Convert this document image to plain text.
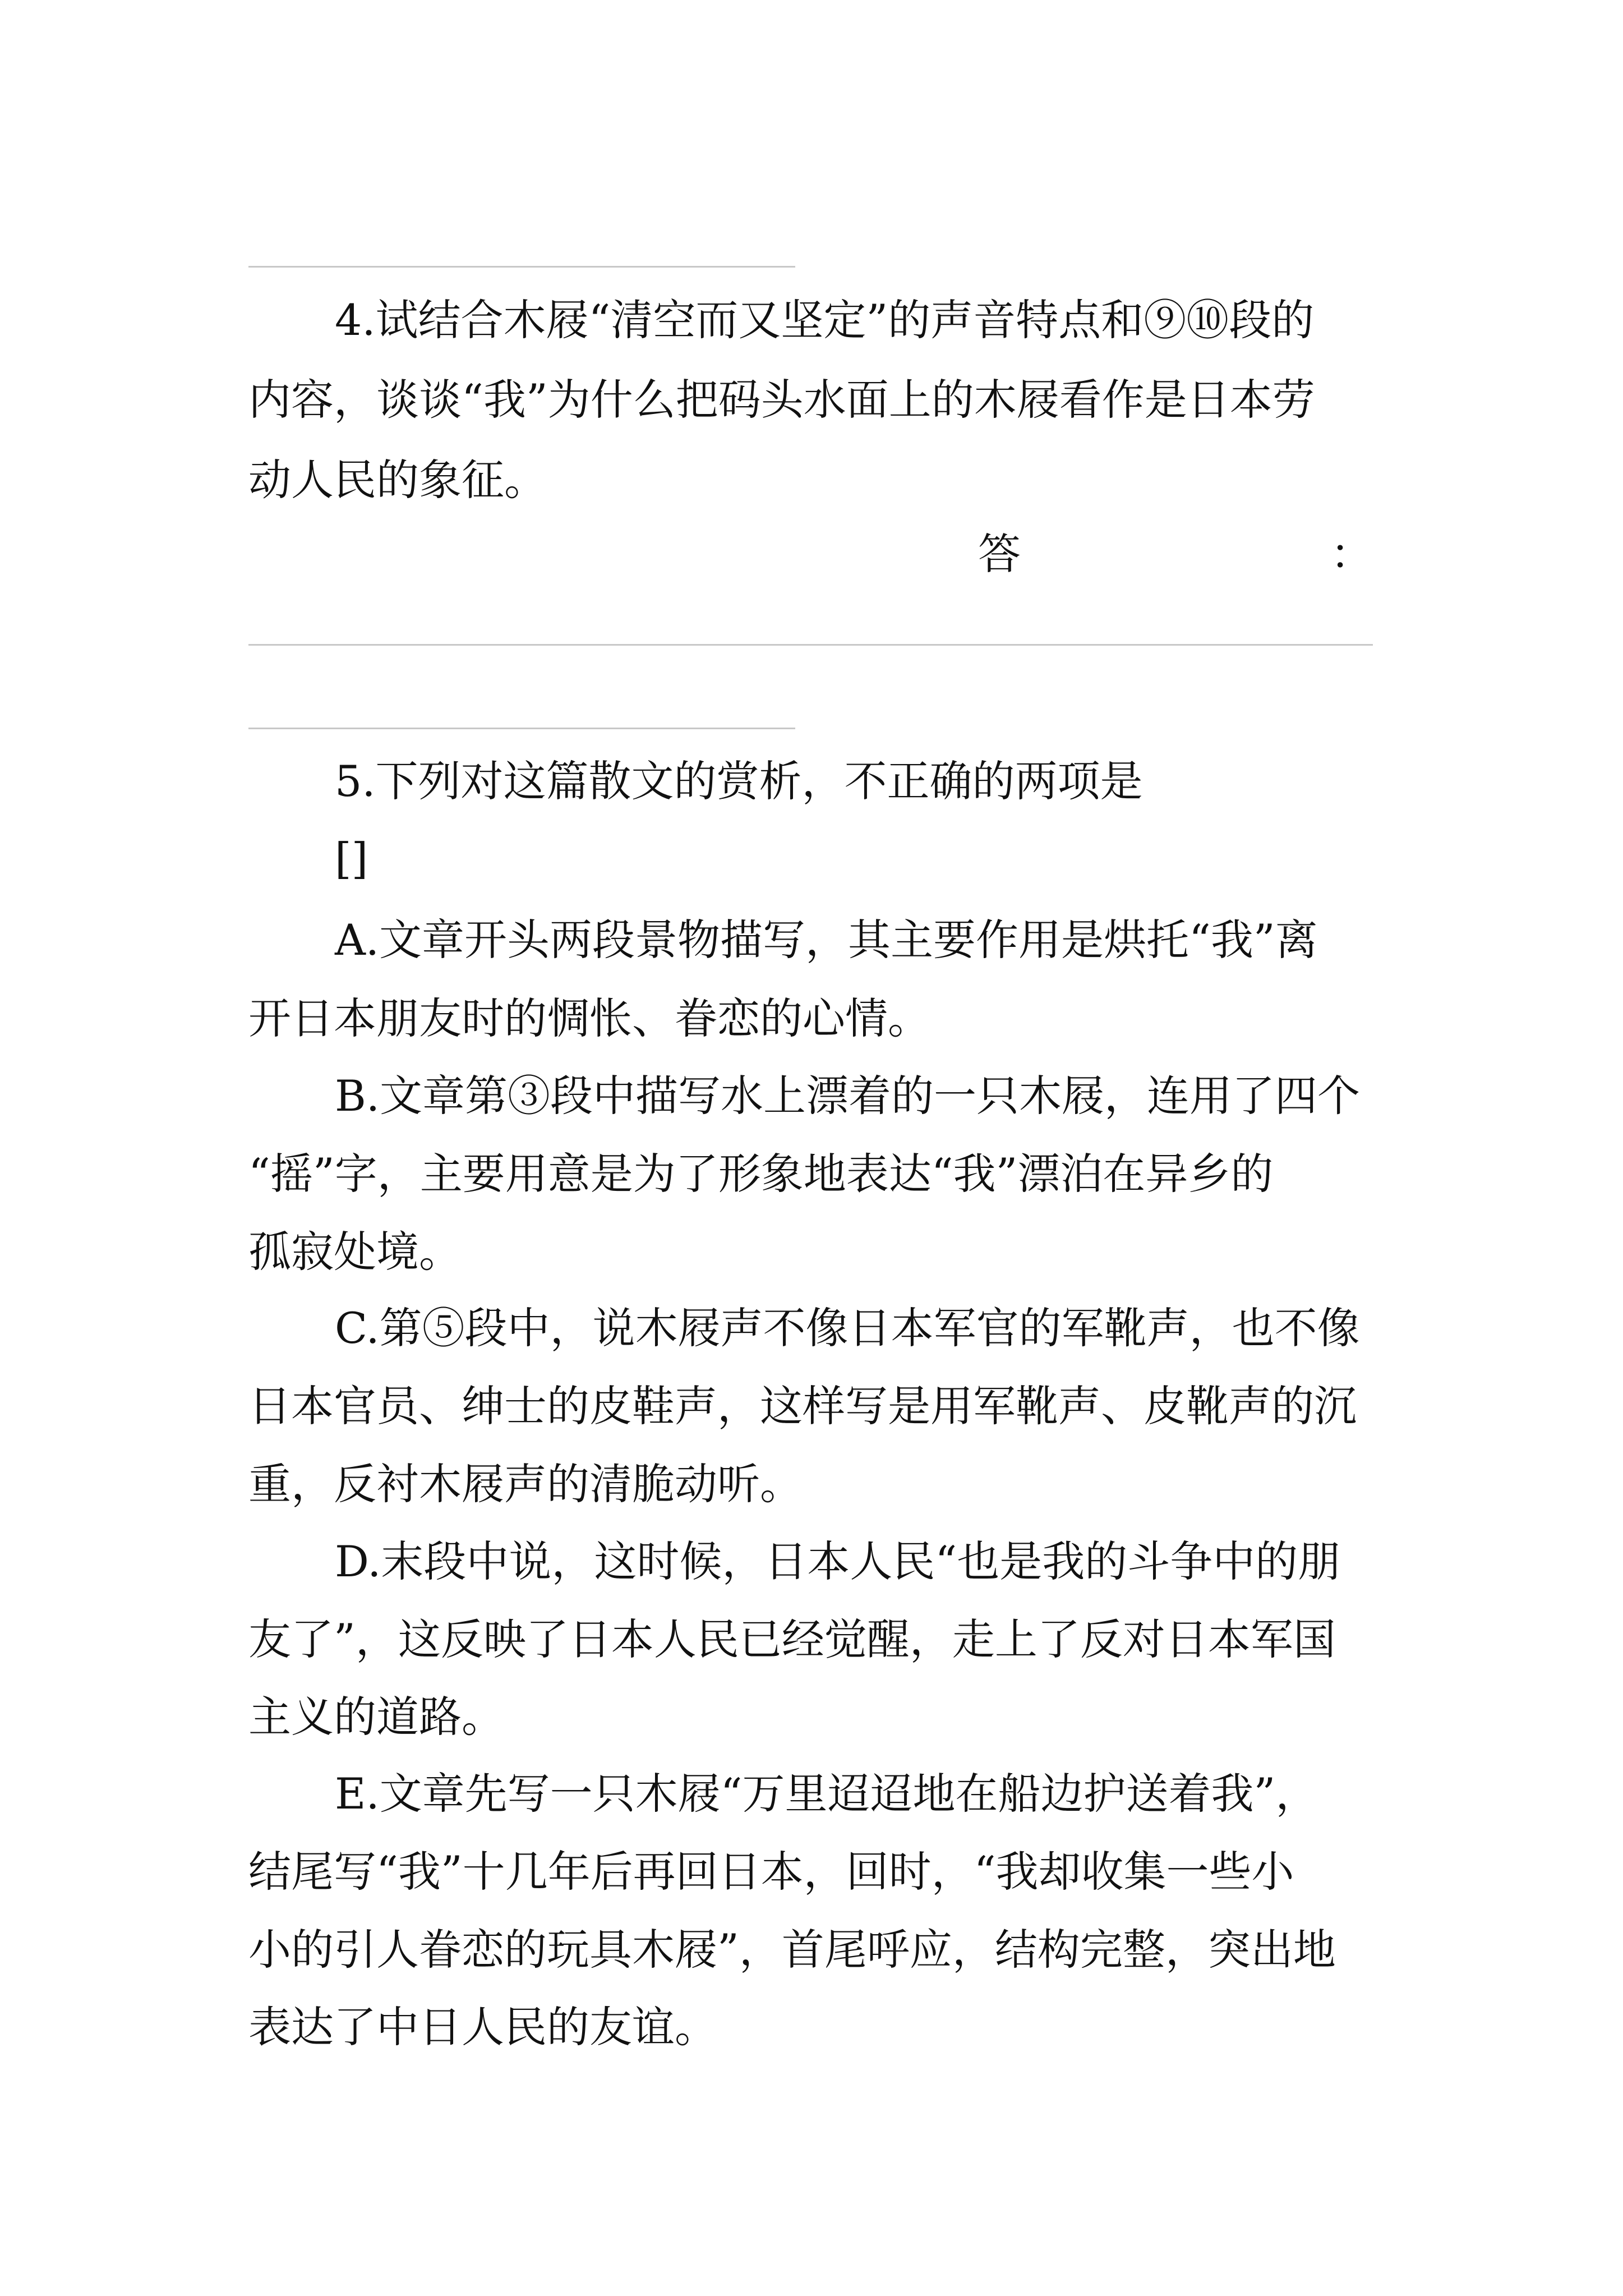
4.试结合木屐“清空而又坚定”的声音特点和⑨⑩段的
内容，谈谈“我”为什么把码头水面上的木屐看作是日本劳
动人民的象征。
答	：
5.下列对这篇散文的赏析，不正确的两项是
[]
A.文章开头两段景物描写，其主要作用是烘托“我”离
开日本朋友时的惆怅、眷恋的心情。
B.文章第③段中描写水上漂着的一只木屐，连用了四个
“摇”字，主要用意是为了形象地表达“我”漂泊在异乡的
孤寂处境。
C.第⑤段中，说木屐声不像日本军官的军靴声，也不像
日本官员、绅士的皮鞋声，这样写是用军靴声、皮靴声的沉
重，反衬木屐声的清脆动听。
D.末段中说，这时候，日本人民“也是我的斗争中的朋
友了”，这反映了日本人民已经觉醒，走上了反对日本军国
主义的道路。
E.文章先写一只木屐“万里迢迢地在船边护送着我”，
结尾写“我”十几年后再回日本，回时，“我却收集一些小
小的引人眷恋的玩具木屐”，首尾呼应，结构完整，突出地
表达了中日人民的友谊。
